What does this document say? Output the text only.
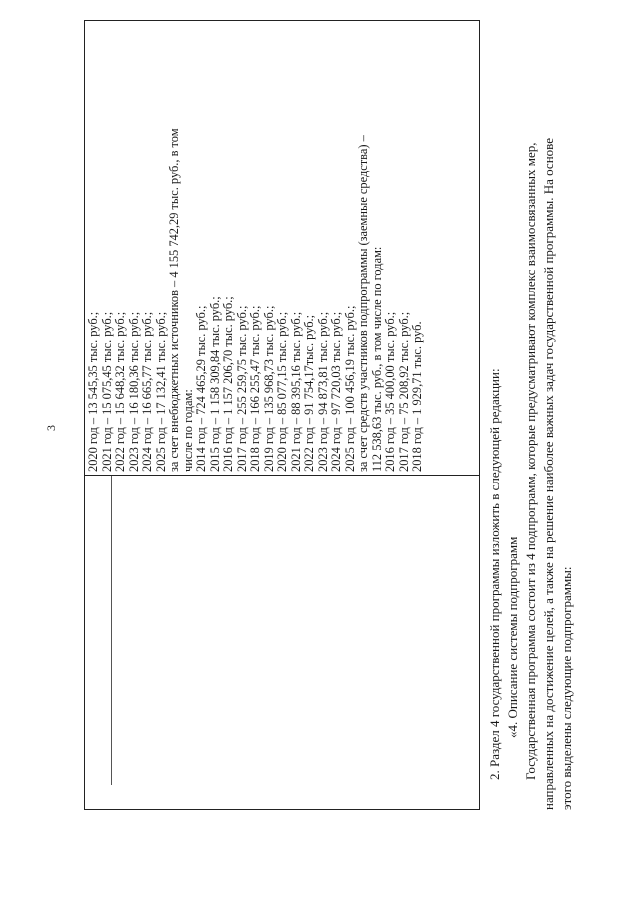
3 2020 год – 13 545,35 тыс. руб.; 2021 год – 15 075,45 тыс. руб.; 2022 год – 15 648,32 тыс. руб.; 2023 год – 16 180,36 тыс. руб.; 2024 год – 16 665,77 тыс. руб.; 2025 год – 17 132,41 тыс. руб.; за счет внебюджетных источников – 4 155 742,29 тыс. руб., в том числе по годам: 2014 год – 724 465,29 тыс. руб.; 2015 год – 1 158 309,84 тыс. руб.; 2016 год – 1 157 206,70 тыс. руб.; 2017 год – 255 259,75 тыс. руб.; 2018 год – 166 255,47 тыс. руб.; 2019 год – 135 968,73 тыс. руб.; 2020 год – 85 077,15 тыс. руб.; 2021 год – 88 395,16 тыс. руб.; 2022 год – 91 754,17тыс. руб.; 2023 год – 94 873,81 тыс. руб.; 2024 год – 97 720,03 тыс. руб.; 2025 год – 100 456,19 тыс. руб.; за счет средств участников подпрограммы (заемные средства) – 112 538,63 тыс. руб., в том числе по годам: 2016 год – 35 400,00 тыс. руб.; 2017 год – 75 208,92 тыс. руб.; 2018 год – 1 929,71 тыс. руб.	2. Раздел 4 государственной программы изложить в следующей редакции: «4. Описание системы подпрограмм Государственная программа состоит из 4 подпрограмм, которые предусматривают комплекс взаимосвязанных мер, направленных на достижение целей, а также на решение наиболее важных задач государственной программы. На основе этого выделены следующие подпрограммы:
